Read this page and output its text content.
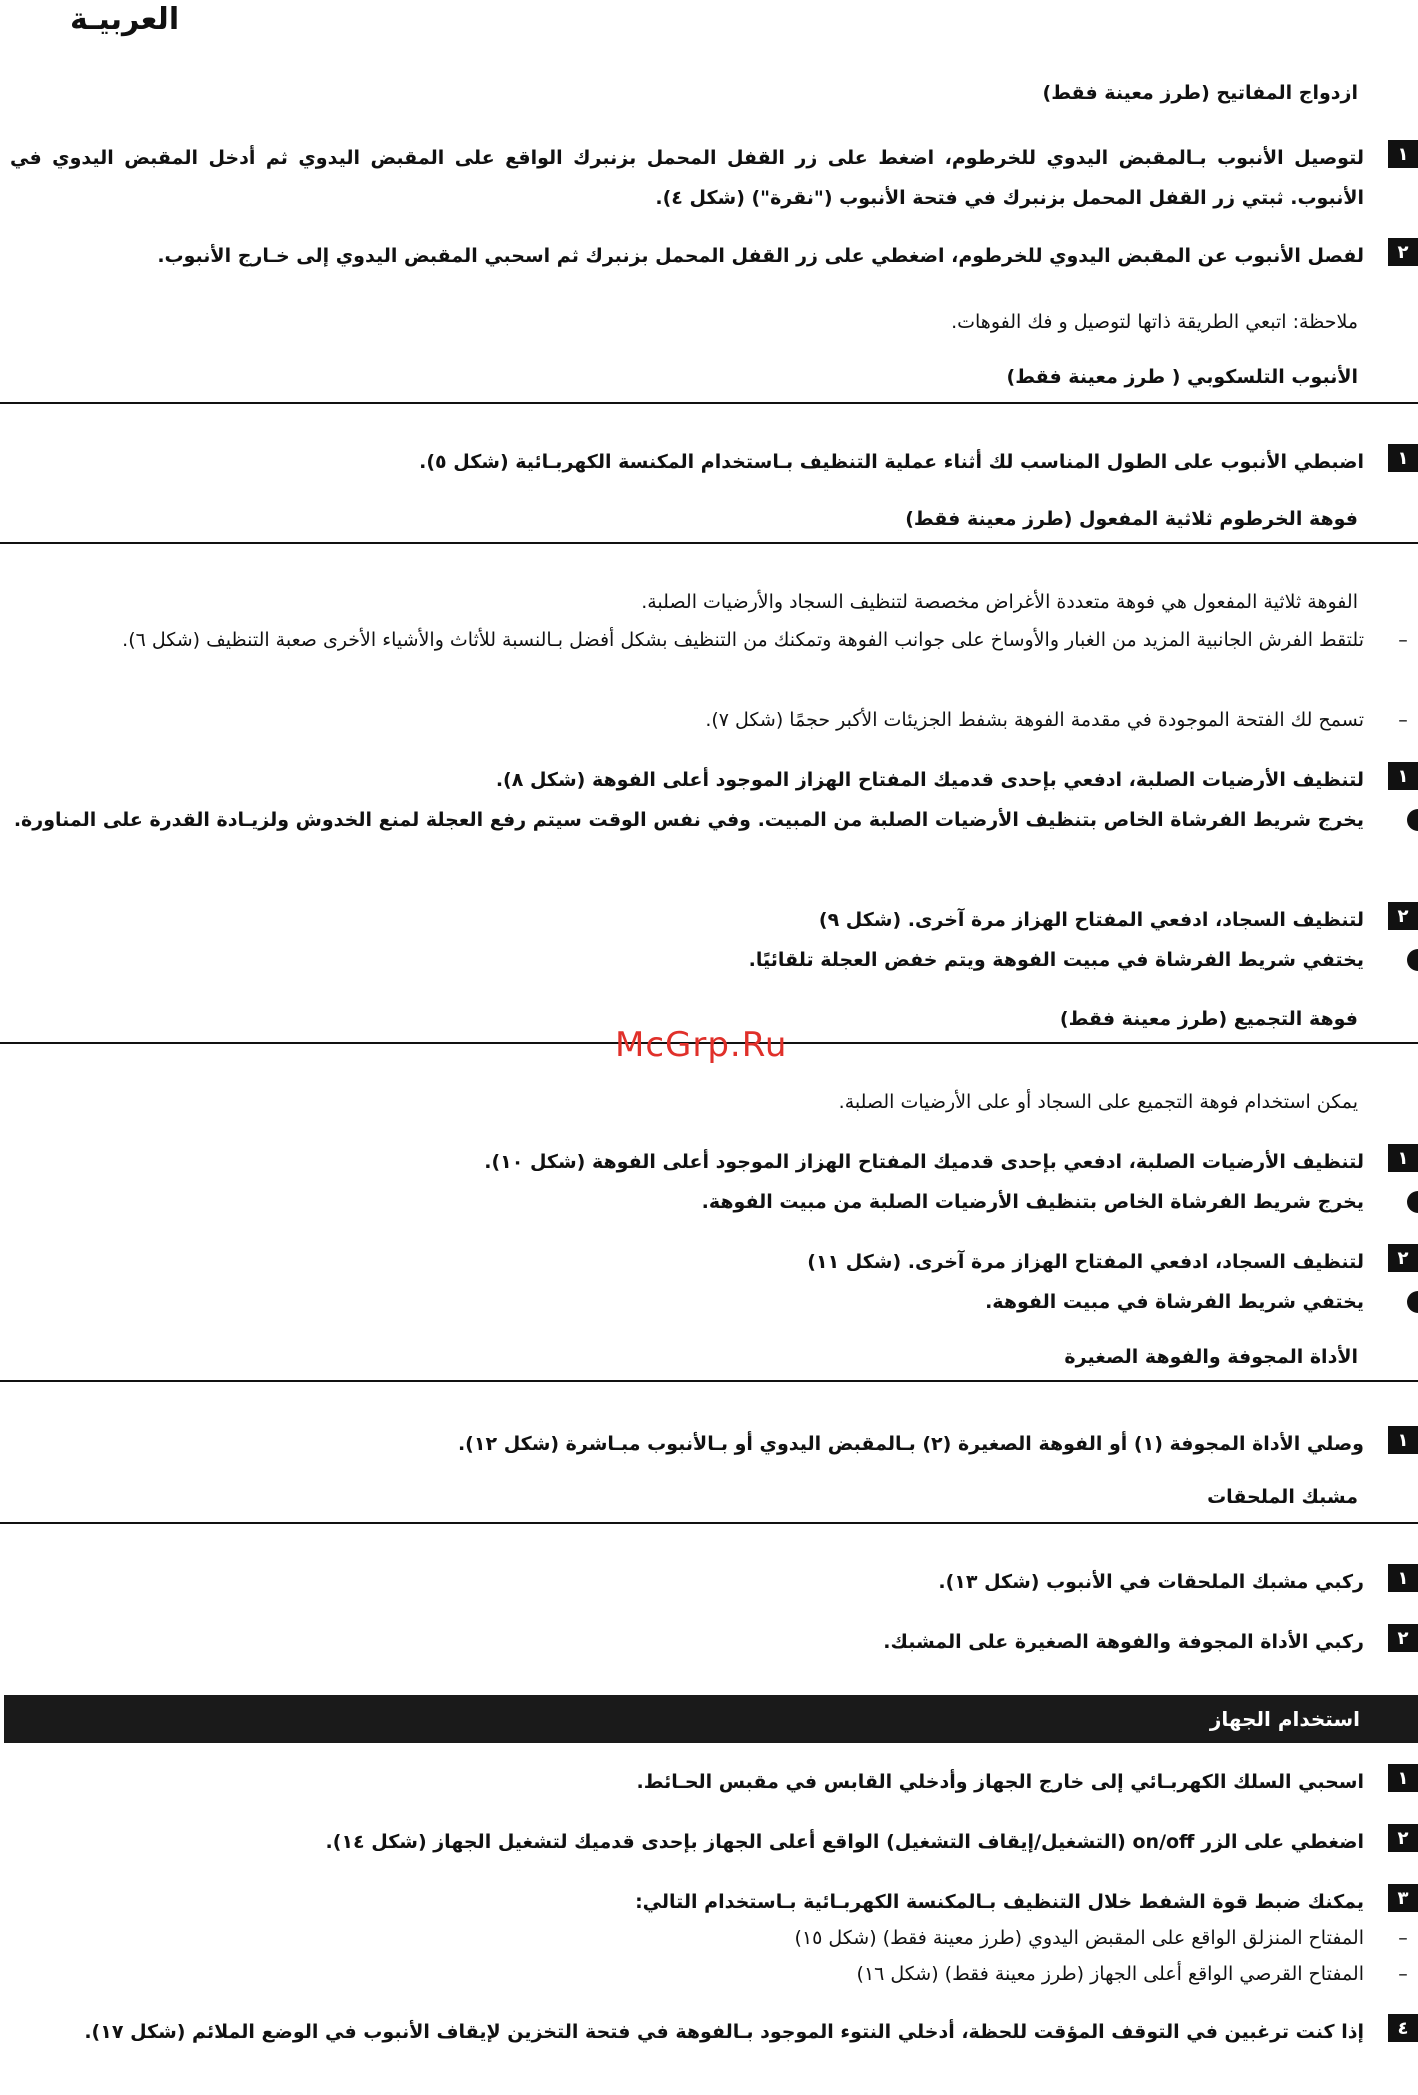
العربيـة
ازدواج المفاتيح (طرز معينة فقط)
١
لتوصيل الأنبوب بـالمقبض اليدوي للخرطوم، اضغط على زر القفل المحمل بزنبرك الواقع على المقبض اليدوي ثم أدخل المقبض اليدوي في الأنبوب. ثبتي زر القفل المحمل بزنبرك في فتحة الأنبوب ("نقرة") (شكل ٤).
٢
لفصل الأنبوب عن المقبض اليدوي للخرطوم، اضغطي على زر القفل المحمل بزنبرك ثم اسحبي المقبض اليدوي إلى خـارج الأنبوب.
ملاحظة: اتبعي الطريقة ذاتها لتوصيل و فك الفوهات.
الأنبوب التلسكوبي ( طرز معينة فقط)
١
اضبطي الأنبوب على الطول المناسب لك أثناء عملية التنظيف بـاستخدام المكنسة الكهربـائية (شكل ٥).
فوهة الخرطوم ثلاثية المفعول (طرز معينة فقط)
الفوهة ثلاثية المفعول هي فوهة متعددة الأغراض مخصصة لتنظيف السجاد والأرضيات الصلبة.
–
تلتقط الفرش الجانبية المزيد من الغبار والأوساخ على جوانب الفوهة وتمكنك من التنظيف بشكل أفضل بـالنسبة للأثاث والأشياء الأخرى صعبة التنظيف (شكل ٦).
–
تسمح لك الفتحة الموجودة في مقدمة الفوهة بشفط الجزيئات الأكبر حجمًا (شكل ٧).
١
لتنظيف الأرضيات الصلبة، ادفعي بإحدى قدميك المفتاح الهزاز الموجود أعلى الفوهة (شكل ٨).
يخرج شريط الفرشاة الخاص بتنظيف الأرضيات الصلبة من المبيت. وفي نفس الوقت سيتم رفع العجلة لمنع الخدوش ولزيـادة القدرة على المناورة.
٢
لتنظيف السجاد، ادفعي المفتاح الهزاز مرة آخرى. (شكل ٩)
يختفي شريط الفرشاة في مبيت الفوهة ويتم خفض العجلة تلقائيًا.
فوهة التجميع (طرز معينة فقط)
McGrp.Ru
يمكن استخدام فوهة التجميع على السجاد أو على الأرضيات الصلبة.
١
لتنظيف الأرضيات الصلبة، ادفعي بإحدى قدميك المفتاح الهزاز الموجود أعلى الفوهة (شكل ١٠).
يخرج شريط الفرشاة الخاص بتنظيف الأرضيات الصلبة من مبيت الفوهة.
٢
لتنظيف السجاد، ادفعي المفتاح الهزاز مرة آخرى. (شكل ١١)
يختفي شريط الفرشاة في مبيت الفوهة.
الأداة المجوفة والفوهة الصغيرة
١
وصلي الأداة المجوفة (١) أو الفوهة الصغيرة (٢) بـالمقبض اليدوي أو بـالأنبوب مبـاشرة (شكل ١٢).
مشبك الملحقات
١
ركبي مشبك الملحقات في الأنبوب (شكل ١٣).
٢
ركبي الأداة المجوفة والفوهة الصغيرة على المشبك.
استخدام الجهاز
١
اسحبي السلك الكهربـائي إلى خارج الجهاز وأدخلي القابس في مقبس الحـائط.
٢
اضغطي على الزر on/off (التشغيل/إيقاف التشغيل) الواقع أعلى الجهاز بإحدى قدميك لتشغيل الجهاز (شكل ١٤).
٣
يمكنك ضبط قوة الشفط خلال التنظيف بـالمكنسة الكهربـائية بـاستخدام التالي:
–
المفتاح المنزلق الواقع على المقبض اليدوي (طرز معينة فقط) (شكل ١٥)
–
المفتاح القرصي الواقع أعلى الجهاز (طرز معينة فقط) (شكل ١٦)
٤
إذا كنت ترغبين في التوقف المؤقت للحظة، أدخلي النتوء الموجود بـالفوهة في فتحة التخزين لإيقاف الأنبوب في الوضع الملائم (شكل ١٧).
